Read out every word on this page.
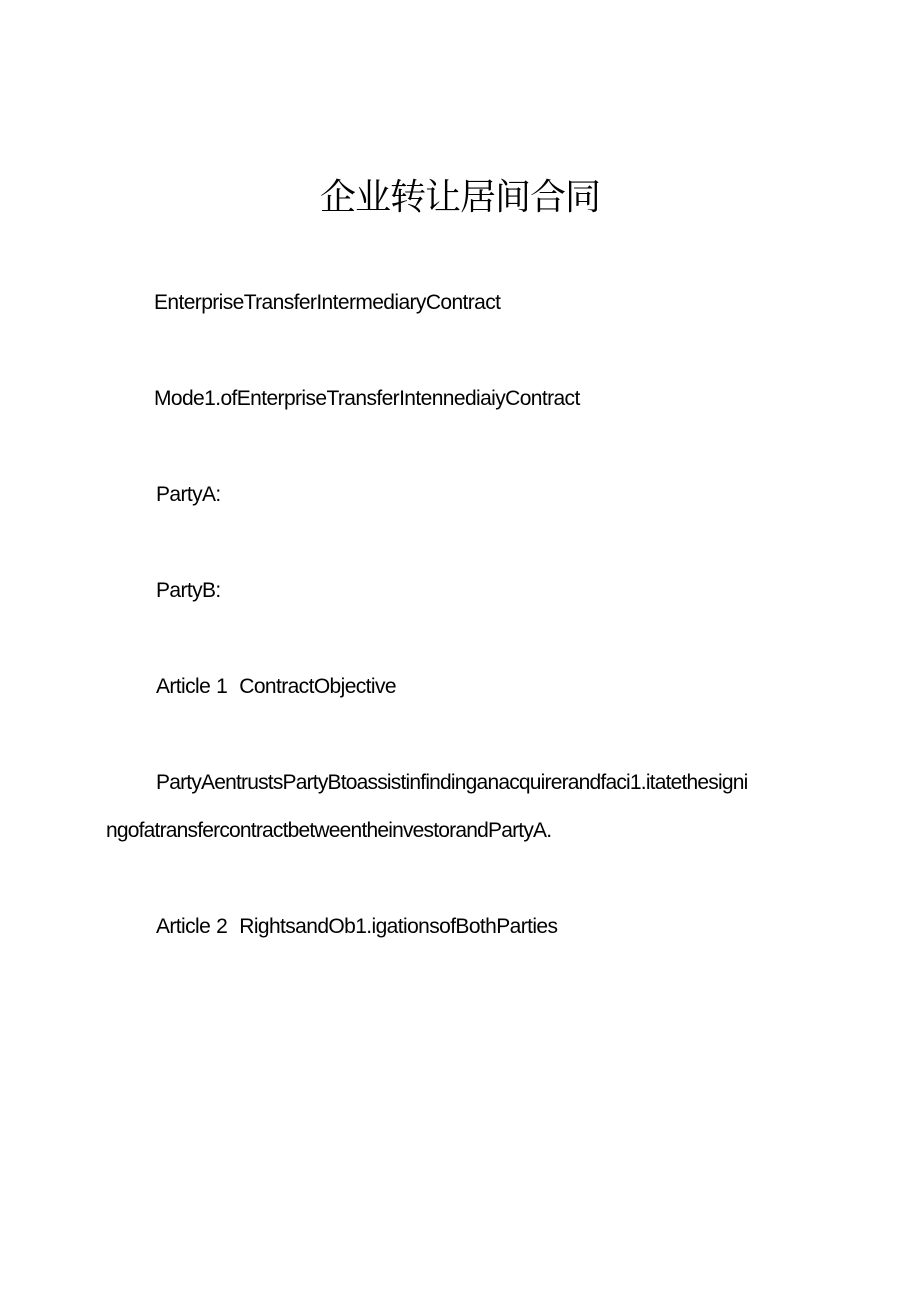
企业转让居间合同
EnterpriseTransferIntermediaryContract
Mode1.ofEnterpriseTransferIntennediaiyContract
PartyA:
PartyB:
Article 1 ContractObjective
PartyAentrustsPartyBtoassistinfindinganacquirerandfaci1.itatethesigni
ngofatransfercontractbetweentheinvestorandPartyA.
Article 2 RightsandOb1.igationsofBothParties
